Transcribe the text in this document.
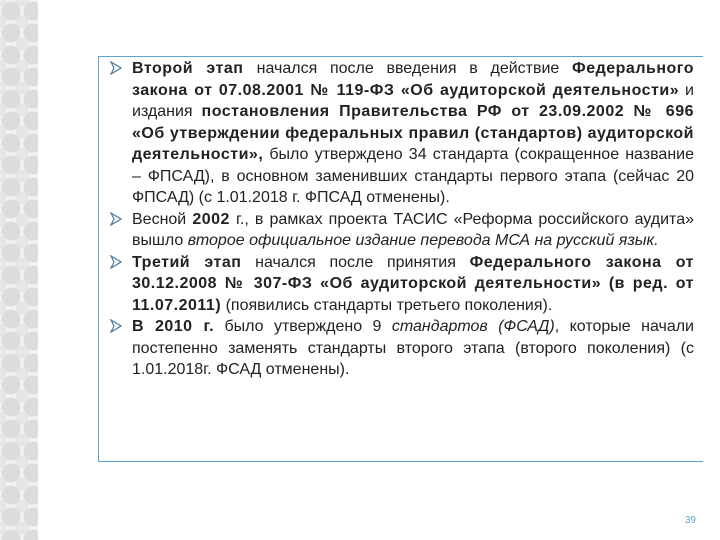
Второй этап начался после введения в действие Федерального закона от 07.08.2001 № 119-ФЗ «Об аудиторской деятельности» и издания постановления Правительства РФ от 23.09.2002 № 696 «Об утверждении федеральных правил (стандартов) аудиторской деятельности», было утверждено 34 стандарта (сокращенное название – ФПСАД), в основном заменивших стандарты первого этапа (сейчас 20 ФПСАД) (с 1.01.2018 г. ФПСАД отменены).
Весной 2002 г., в рамках проекта ТАСИС «Реформа российского аудита» вышло второе официальное издание перевода МСА на русский язык.
Третий этап начался после принятия Федерального закона от 30.12.2008 № 307-ФЗ «Об аудиторской деятельности» (в ред. от 11.07.2011) (появились стандарты третьего поколения).
В 2010 г. было утверждено 9 стандартов (ФСАД), которые начали постепенно заменять стандарты второго этапа (второго поколения) (с 1.01.2018г. ФСАД отменены).
39
